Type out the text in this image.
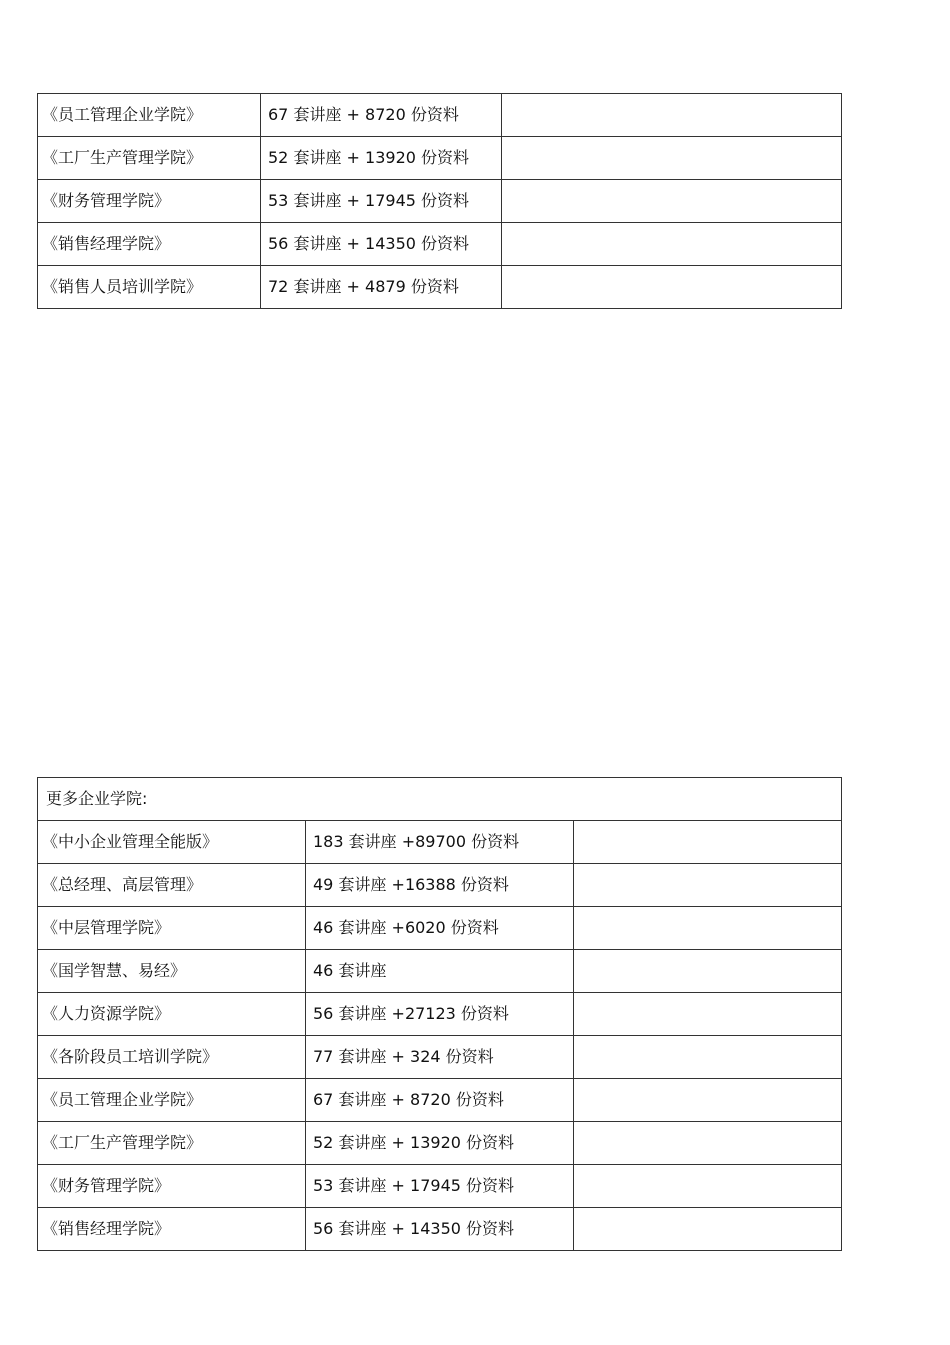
《员工管理企业学院》	67 套讲座 + 8720 份资料	
《工厂生产管理学院》	52 套讲座 + 13920 份资料	
《财务管理学院》	53 套讲座 + 17945 份资料	
《销售经理学院》	56 套讲座 + 14350 份资料	
《销售人员培训学院》	72 套讲座 + 4879 份资料	
更多企业学院:		
《中小企业管理全能版》	183 套讲座 +89700 份资料	
《总经理、高层管理》	49 套讲座 +16388 份资料	
《中层管理学院》	46 套讲座 +6020 份资料	
《国学智慧、易经》	46 套讲座	
《人力资源学院》	56 套讲座 +27123 份资料	
《各阶段员工培训学院》	77 套讲座 + 324 份资料	
《员工管理企业学院》	67 套讲座 + 8720 份资料	
《工厂生产管理学院》	52 套讲座 + 13920 份资料	
《财务管理学院》	53 套讲座 + 17945 份资料	
《销售经理学院》	56 套讲座 + 14350 份资料	
